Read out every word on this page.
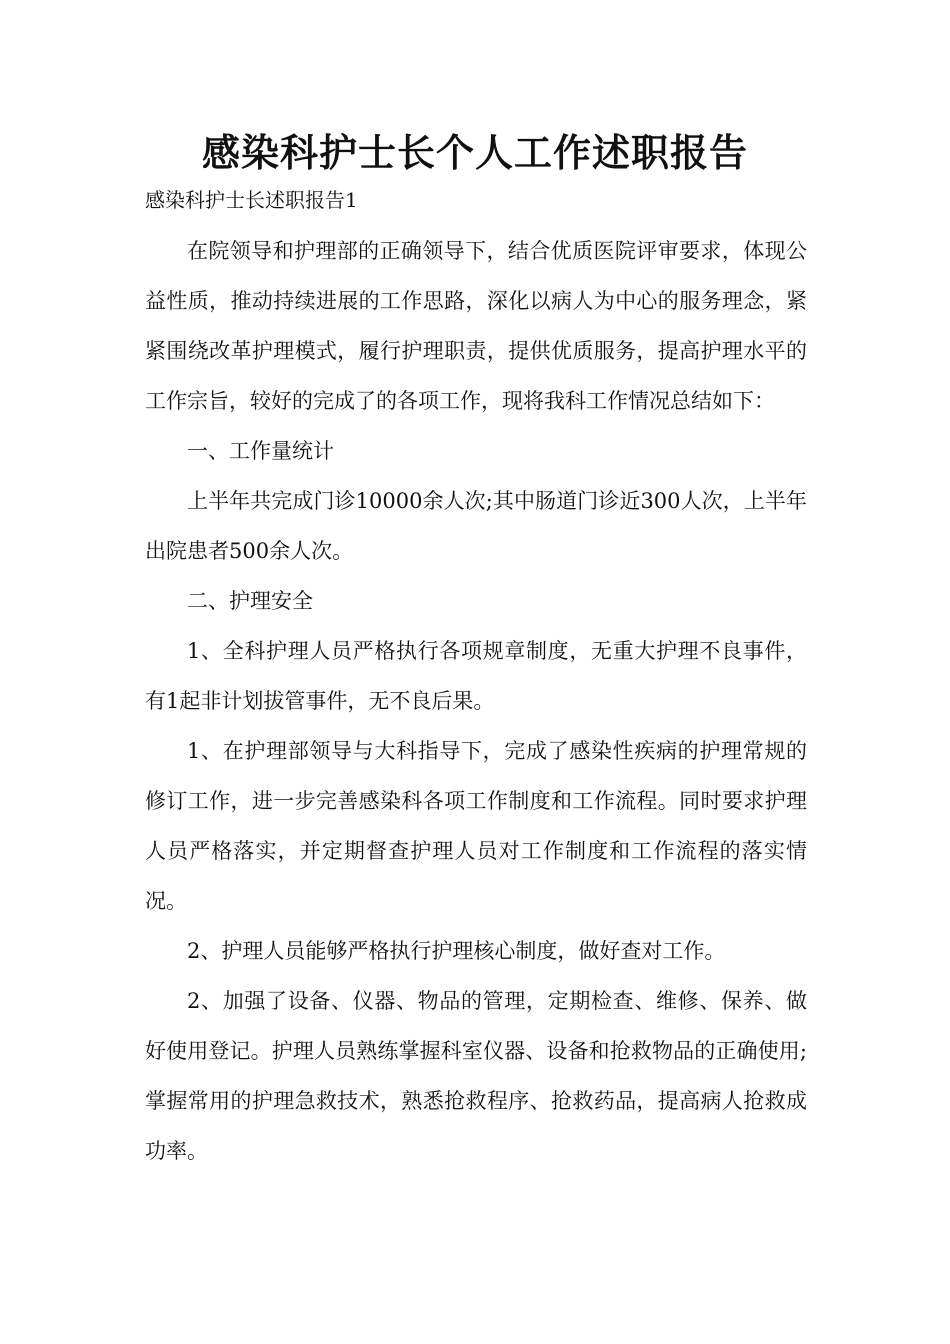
感染科护士长个人工作述职报告
感染科护士长述职报告1

在院领导和护理部的正确领导下，结合优质医院评审要求，体现公益性质，推动持续进展的工作思路，深化以病人为中心的服务理念，紧紧围绕改革护理模式，履行护理职责，提供优质服务，提高护理水平的工作宗旨，较好的完成了的各项工作，现将我科工作情况总结如下：

一、工作量统计

上半年共完成门诊10000余人次;其中肠道门诊近300人次，上半年出院患者500余人次。

二、护理安全

1、全科护理人员严格执行各项规章制度，无重大护理不良事件，有1起非计划拔管事件，无不良后果。

1、在护理部领导与大科指导下，完成了感染性疾病的护理常规的修订工作，进一步完善感染科各项工作制度和工作流程。同时要求护理人员严格落实，并定期督查护理人员对工作制度和工作流程的落实情况。

2、护理人员能够严格执行护理核心制度，做好查对工作。

2、加强了设备、仪器、物品的管理，定期检查、维修、保养、做好使用登记。护理人员熟练掌握科室仪器、设备和抢救物品的正确使用;掌握常用的护理急救技术，熟悉抢救程序、抢救药品，提高病人抢救成功率。
